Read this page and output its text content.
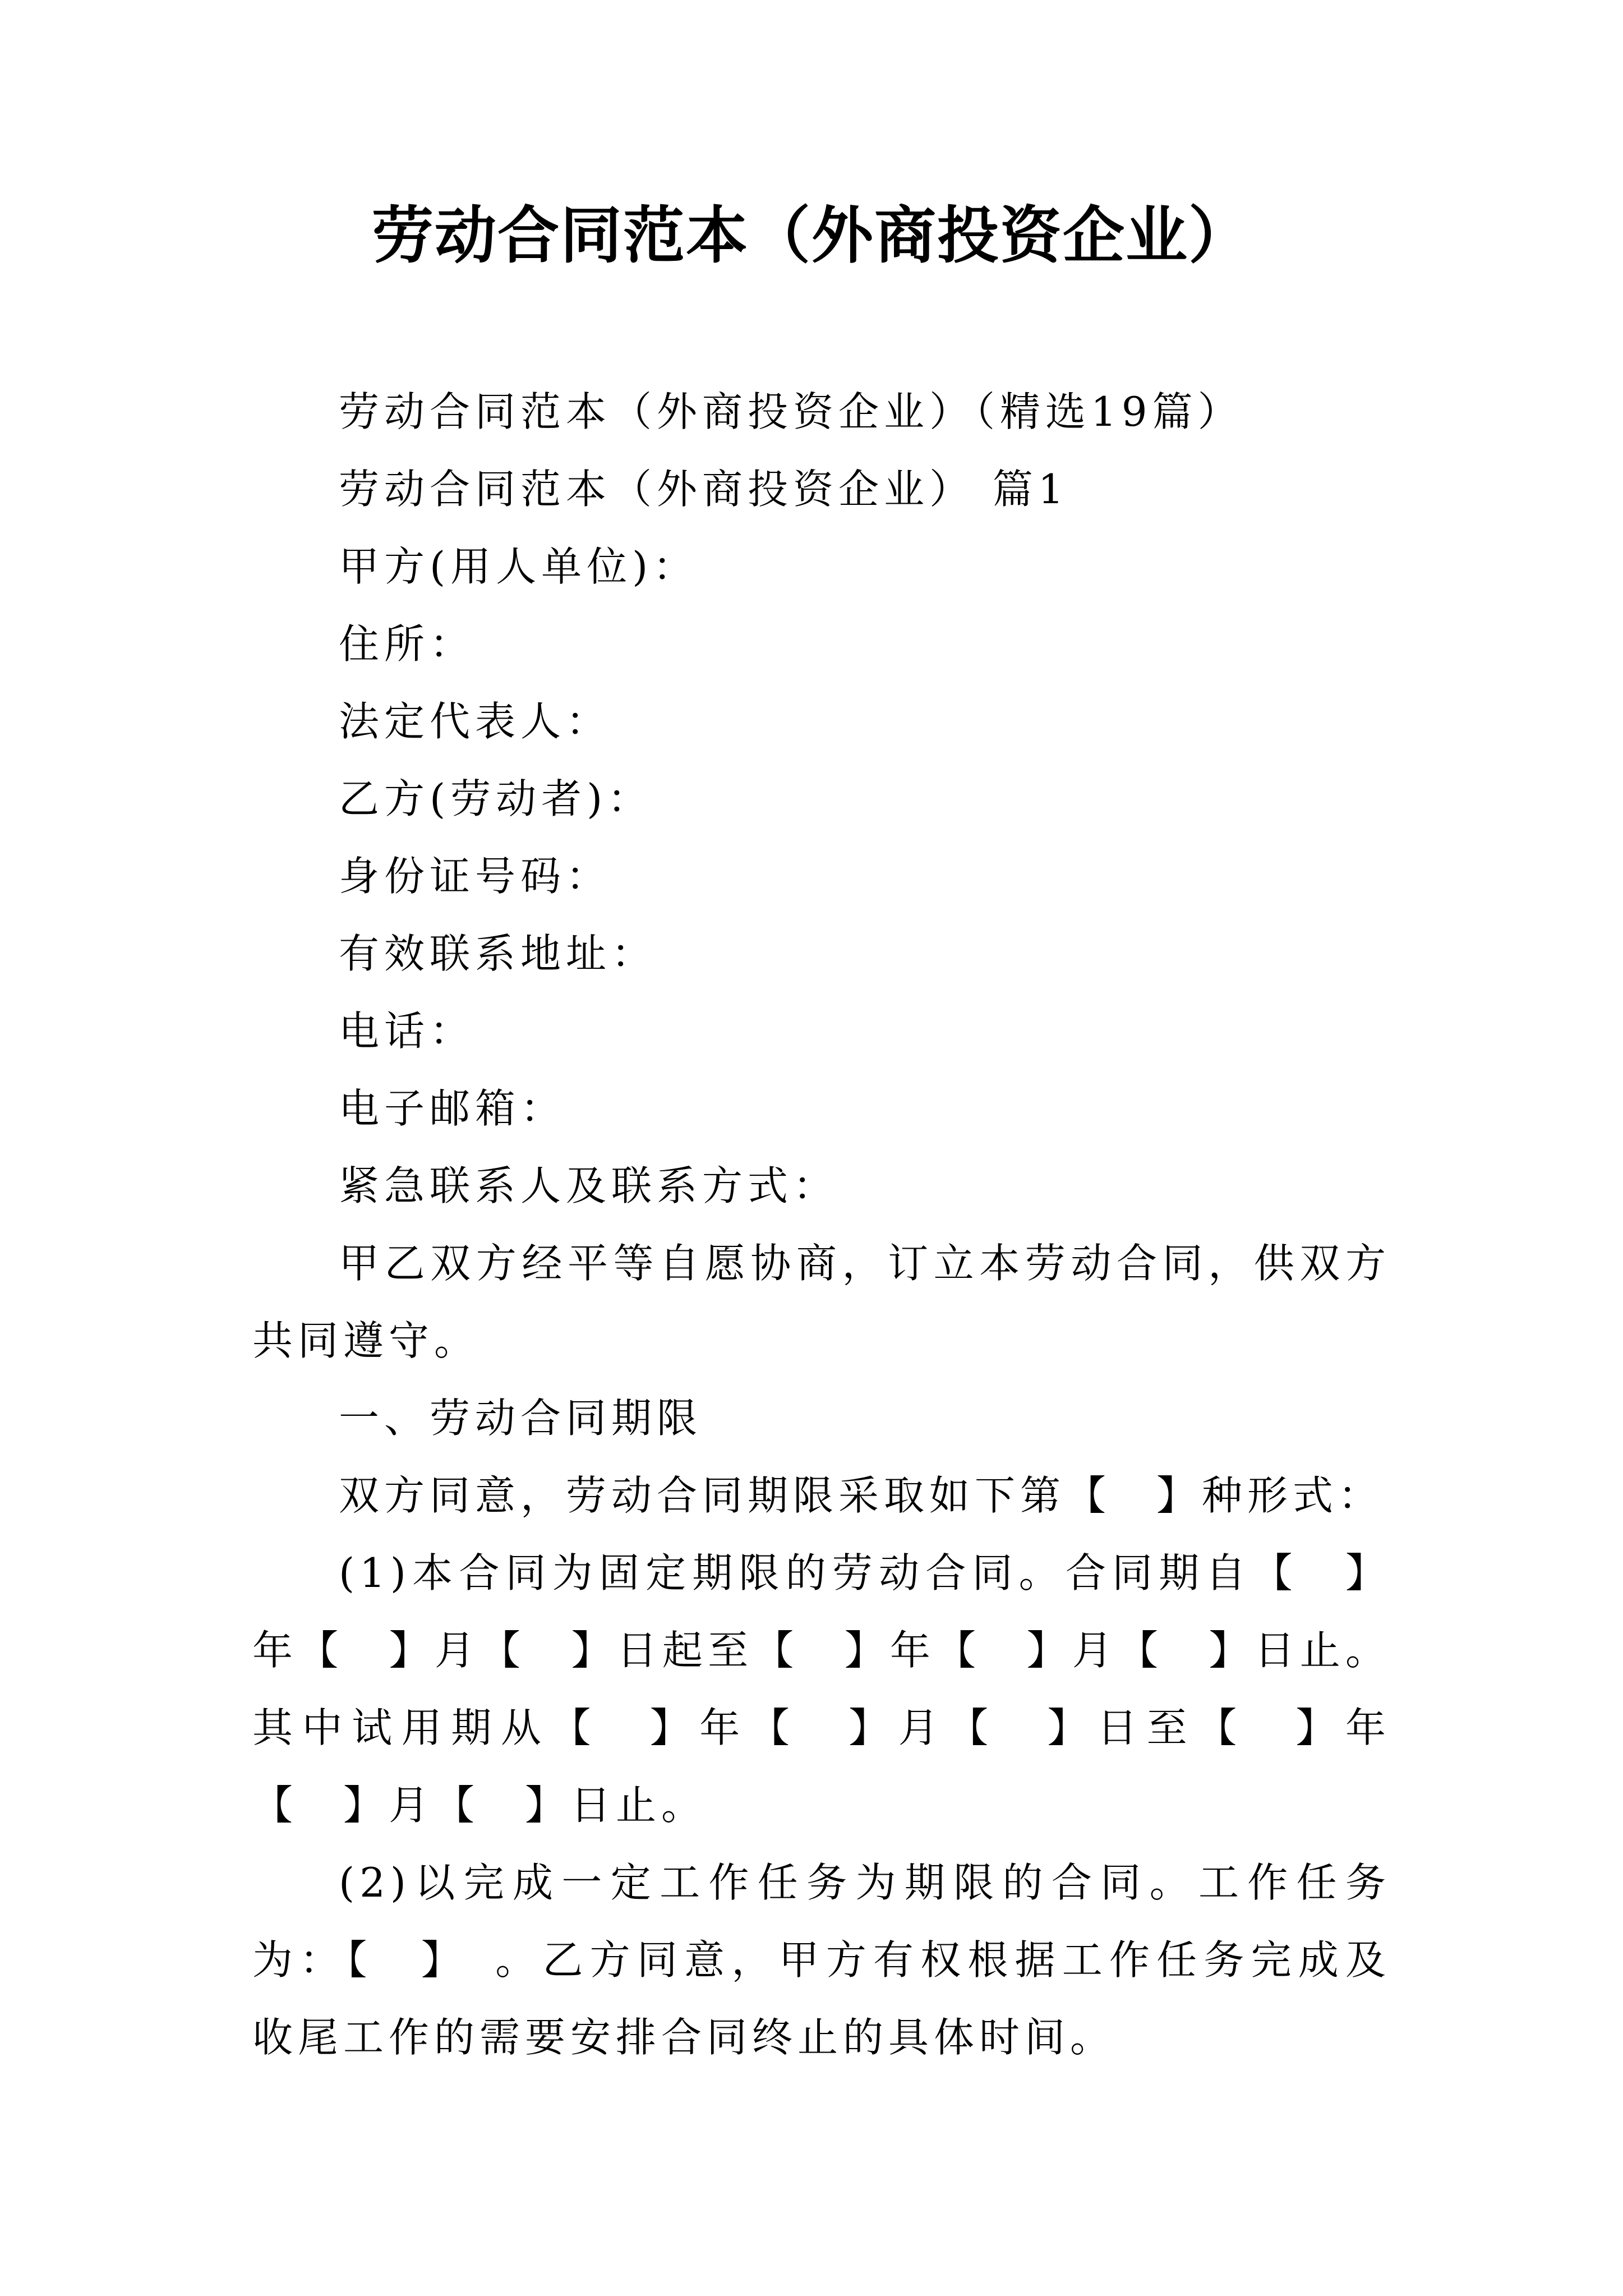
劳动合同范本（外商投资企业）

劳动合同范本（外商投资企业）（精选19篇）

劳动合同范本（外商投资企业） 篇1

甲方(用人单位)：

住所：

法定代表人：

乙方(劳动者)：

身份证号码：

有效联系地址：

电话：

电子邮箱：

紧急联系人及联系方式：

甲乙双方经平等自愿协商，订立本劳动合同，供双方共同遵守。

一、劳动合同期限

双方同意，劳动合同期限采取如下第【　】种形式：

(1)本合同为固定期限的劳动合同。合同期自【　】年【　】月【　】日起至【　】年【　】月【　】日止。其中试用期从【　】年【　】月【　】日至【　】年【　】月【　】日止。

(2)以完成一定工作任务为期限的合同。工作任务为：【　】　。乙方同意，甲方有权根据工作任务完成及收尾工作的需要安排合同终止的具体时间。
